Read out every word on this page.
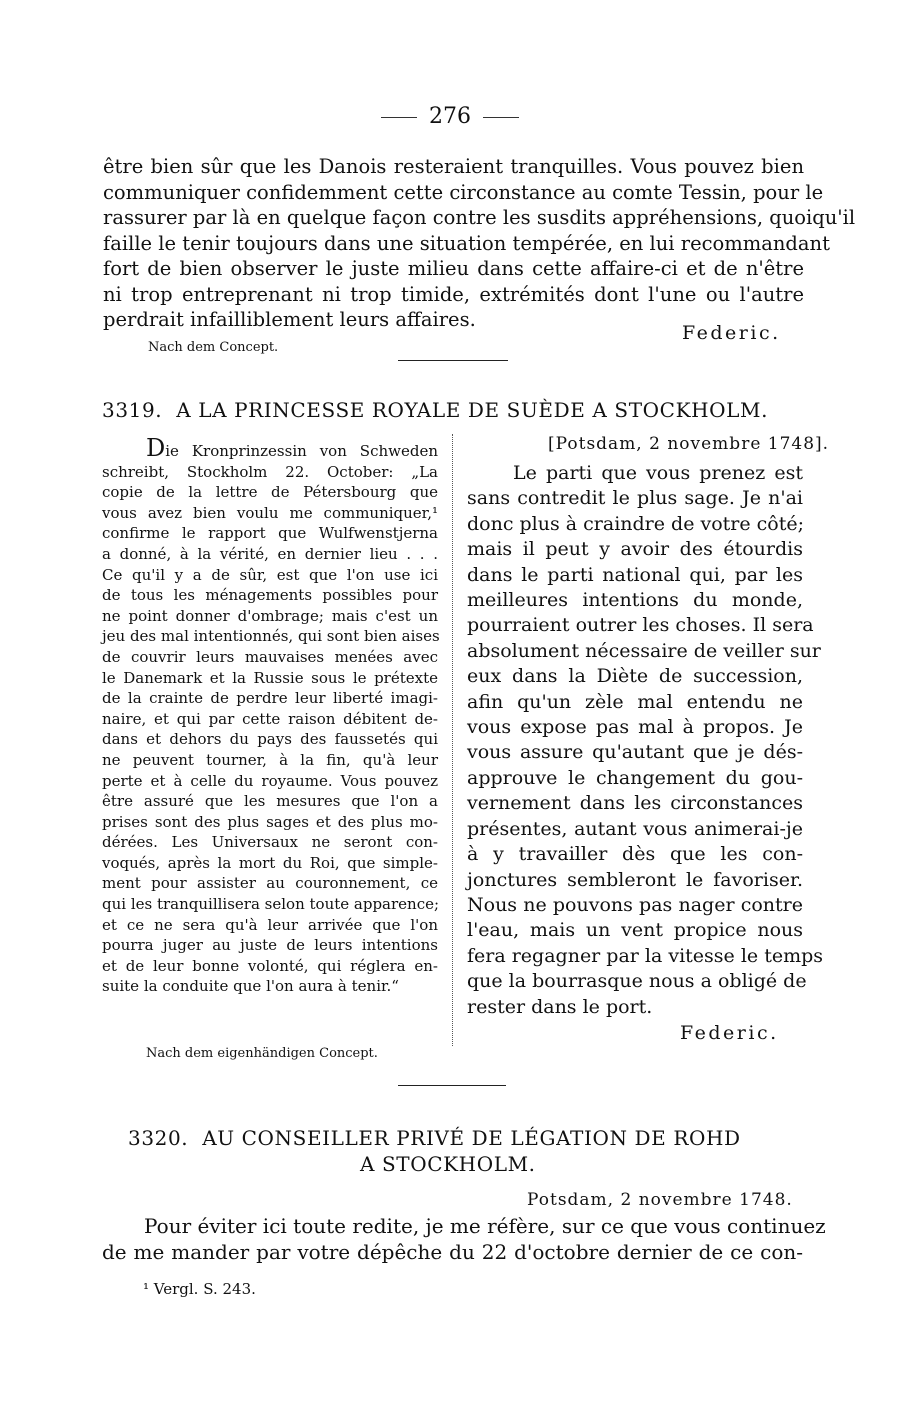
276
être bien sûr que les Danois resteraient tranquilles. Vous pouvez bien
communiquer confidemment cette circonstance au comte Tessin, pour le
rassurer par là en quelque façon contre les susdits appréhensions, quoiqu'il
faille le tenir toujours dans une situation tempérée, en lui recommandant
fort de bien observer le juste milieu dans cette affaire-ci et de n'être
ni trop entreprenant ni trop timide, extrémités dont l'une ou l'autre
perdrait infailliblement leurs affaires.
Federic.
Nach dem Concept.
3319. A LA PRINCESSE ROYALE DE SUÈDE A STOCKHOLM.
Die Kronprinzessin von Schweden
schreibt, Stockholm 22. October: „La
copie de la lettre de Pétersbourg que
vous avez bien voulu me communiquer,¹
confirme le rapport que Wulfwenstjerna
a donné, à la vérité, en dernier lieu . . .
Ce qu'il y a de sûr, est que l'on use ici
de tous les ménagements possibles pour
ne point donner d'ombrage; mais c'est un
jeu des mal intentionnés, qui sont bien aises
de couvrir leurs mauvaises menées avec
le Danemark et la Russie sous le prétexte
de la crainte de perdre leur liberté imagi-
naire, et qui par cette raison débitent de-
dans et dehors du pays des faussetés qui
ne peuvent tourner, à la fin, qu'à leur
perte et à celle du royaume. Vous pouvez
être assuré que les mesures que l'on a
prises sont des plus sages et des plus mo-
dérées. Les Universaux ne seront con-
voqués, après la mort du Roi, que simple-
ment pour assister au couronnement, ce
qui les tranquillisera selon toute apparence;
et ce ne sera qu'à leur arrivée que l'on
pourra juger au juste de leurs intentions
et de leur bonne volonté, qui réglera en-
suite la conduite que l'on aura à tenir.“
Nach dem eigenhändigen Concept.
[Potsdam, 2 novembre 1748].
Le parti que vous prenez est
sans contredit le plus sage. Je n'ai
donc plus à craindre de votre côté;
mais il peut y avoir des étourdis
dans le parti national qui, par les
meilleures intentions du monde,
pourraient outrer les choses. Il sera
absolument nécessaire de veiller sur
eux dans la Diète de succession,
afin qu'un zèle mal entendu ne
vous expose pas mal à propos. Je
vous assure qu'autant que je dés-
approuve le changement du gou-
vernement dans les circonstances
présentes, autant vous animerai-je
à y travailler dès que les con-
jonctures sembleront le favoriser.
Nous ne pouvons pas nager contre
l'eau, mais un vent propice nous
fera regagner par la vitesse le temps
que la bourrasque nous a obligé de
rester dans le port.
Federic.
3320. AU CONSEILLER PRIVÉ DE LÉGATION DE ROHD
A STOCKHOLM.
Potsdam, 2 novembre 1748.
Pour éviter ici toute redite, je me réfère, sur ce que vous continuez
de me mander par votre dépêche du 22 d'octobre dernier de ce con-
¹ Vergl. S. 243.
